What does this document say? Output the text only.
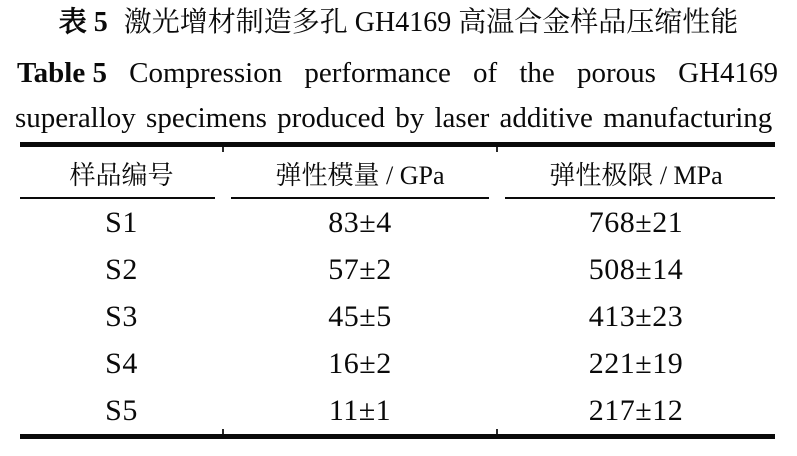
表 5 激光增材制造多孔 GH4169 高温合金样品压缩性能
Table 5 Compression performance of the porous GH4169
superalloy specimens produced by laser additive manufacturing
样品编号	弹性模量 / GPa	弹性极限 / MPa
S1	83±4	768±21
S2	57±2	508±14
S3	45±5	413±23
S4	16±2	221±19
S5	11±1	217±12
